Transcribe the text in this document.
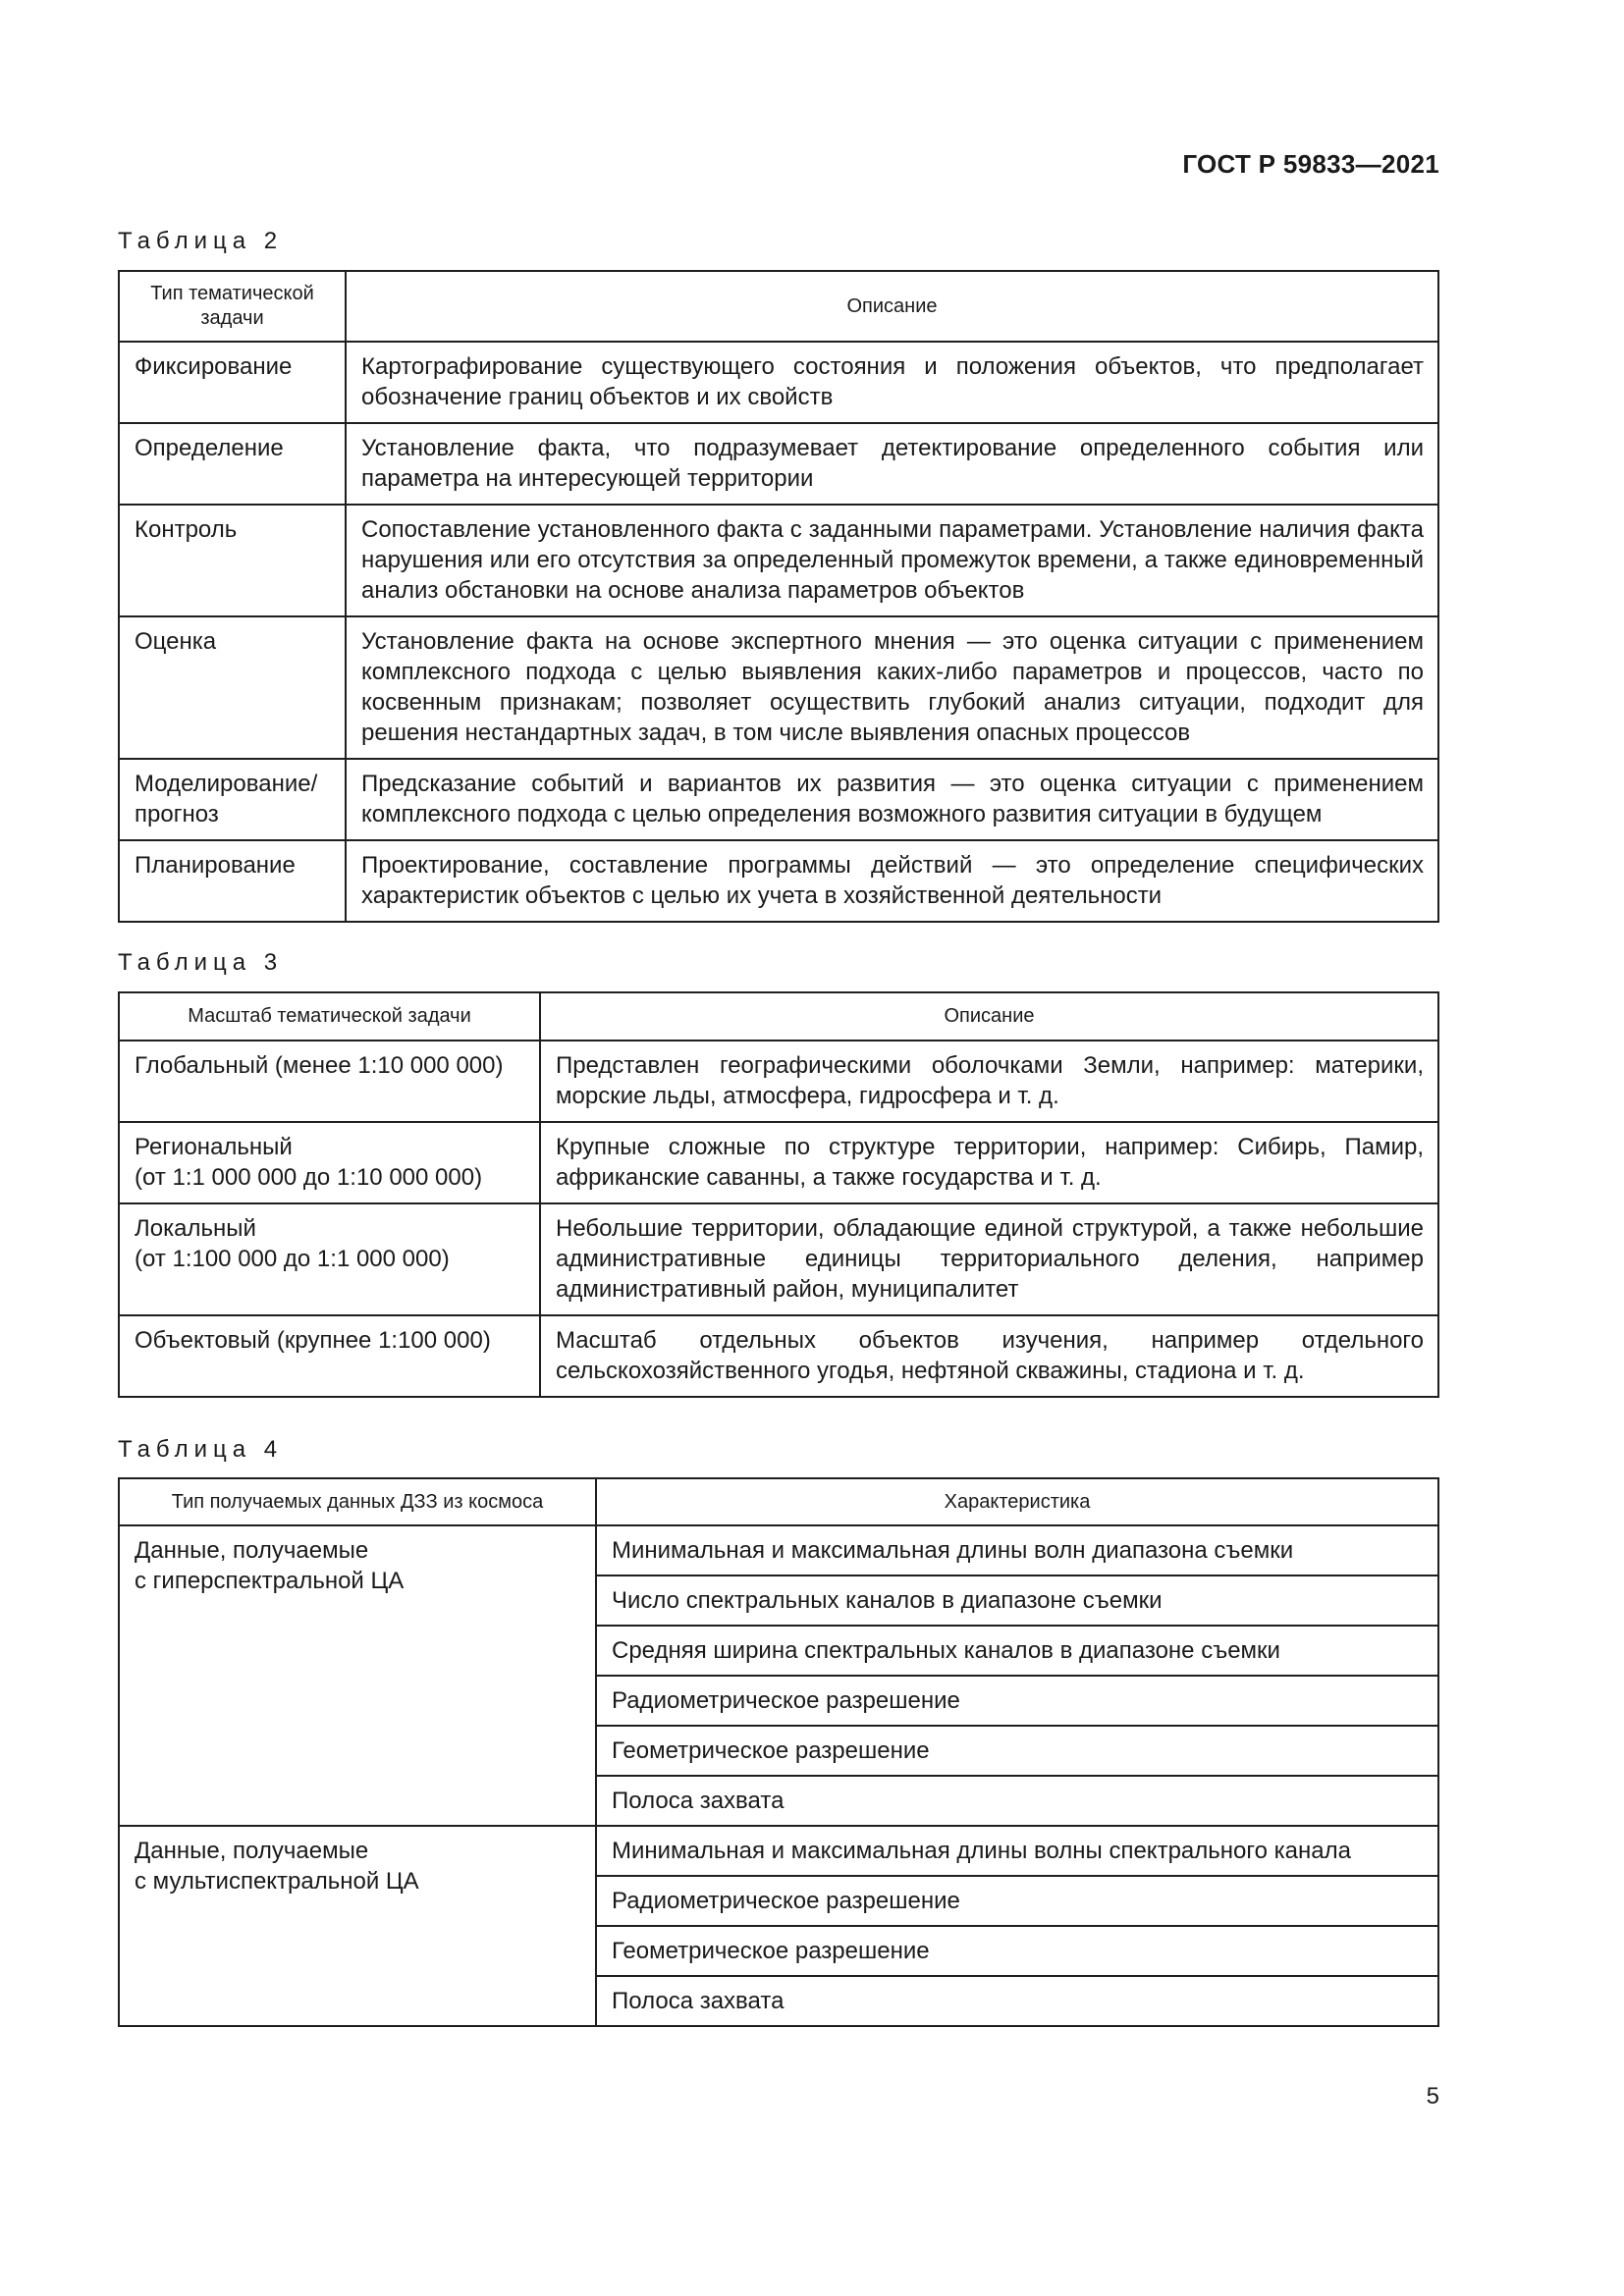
ГОСТ Р 59833—2021
Таблица 2
Тип тематической задачи	Описание
Фиксирование	Картографирование существующего состояния и положения объектов, что предполагает обозначение границ объектов и их свойств
Определение	Установление факта, что подразумевает детектирование определенного события или параметра на интересующей территории
Контроль	Сопоставление установленного факта с заданными параметрами. Установление наличия факта нарушения или его отсутствия за определенный промежуток времени, а также единовременный анализ обстановки на основе анализа параметров объектов
Оценка	Установление факта на основе экспертного мнения — это оценка ситуации с применением комплексного подхода с целью выявления каких-либо параметров и процессов, часто по косвенным признакам; позволяет осуществить глубокий анализ ситуации, подходит для решения нестандартных задач, в том числе выявления опасных процессов
Моделирование/ прогноз	Предсказание событий и вариантов их развития — это оценка ситуации с применением комплексного подхода с целью определения возможного развития ситуации в будущем
Планирование	Проектирование, составление программы действий — это определение специфических характеристик объектов с целью их учета в хозяйственной деятельности
Таблица 3
Масштаб тематической задачи	Описание

Глобальный (менее 1:10 000 000)	Представлен географическими оболочками Земли, например: материки, морские льды, атмосфера, гидросфера и т. д.

Региональный
(от 1:1 000 000 до 1:10 000 000)	Крупные сложные по структуре территории, например: Сибирь, Памир, африканские саванны, а также государства и т. д.

Локальный
(от 1:100 000 до 1:1 000 000)	Небольшие территории, обладающие единой структурой, а также небольшие административные единицы территориального деления, например административный район, муниципалитет

Объектовый (крупнее 1:100 000)	Масштаб отдельных объектов изучения, например отдельного сельскохозяйственного угодья, нефтяной скважины, стадиона и т. д.
Таблица 4
Тип получаемых данных ДЗЗ из космоса	Характеристика

Данные, получаемые
с гиперспектральной ЦА	Минимальная и максимальная длины волн диапазона съемки
	Число спектральных каналов в диапазоне съемки
	Средняя ширина спектральных каналов в диапазоне съемки
	Радиометрическое разрешение
	Геометрическое разрешение
	Полоса захвата

Данные, получаемые
с мультиспектральной ЦА	Минимальная и максимальная длины волны спектрального канала
	Радиометрическое разрешение
	Геометрическое разрешение
	Полоса захвата
5
